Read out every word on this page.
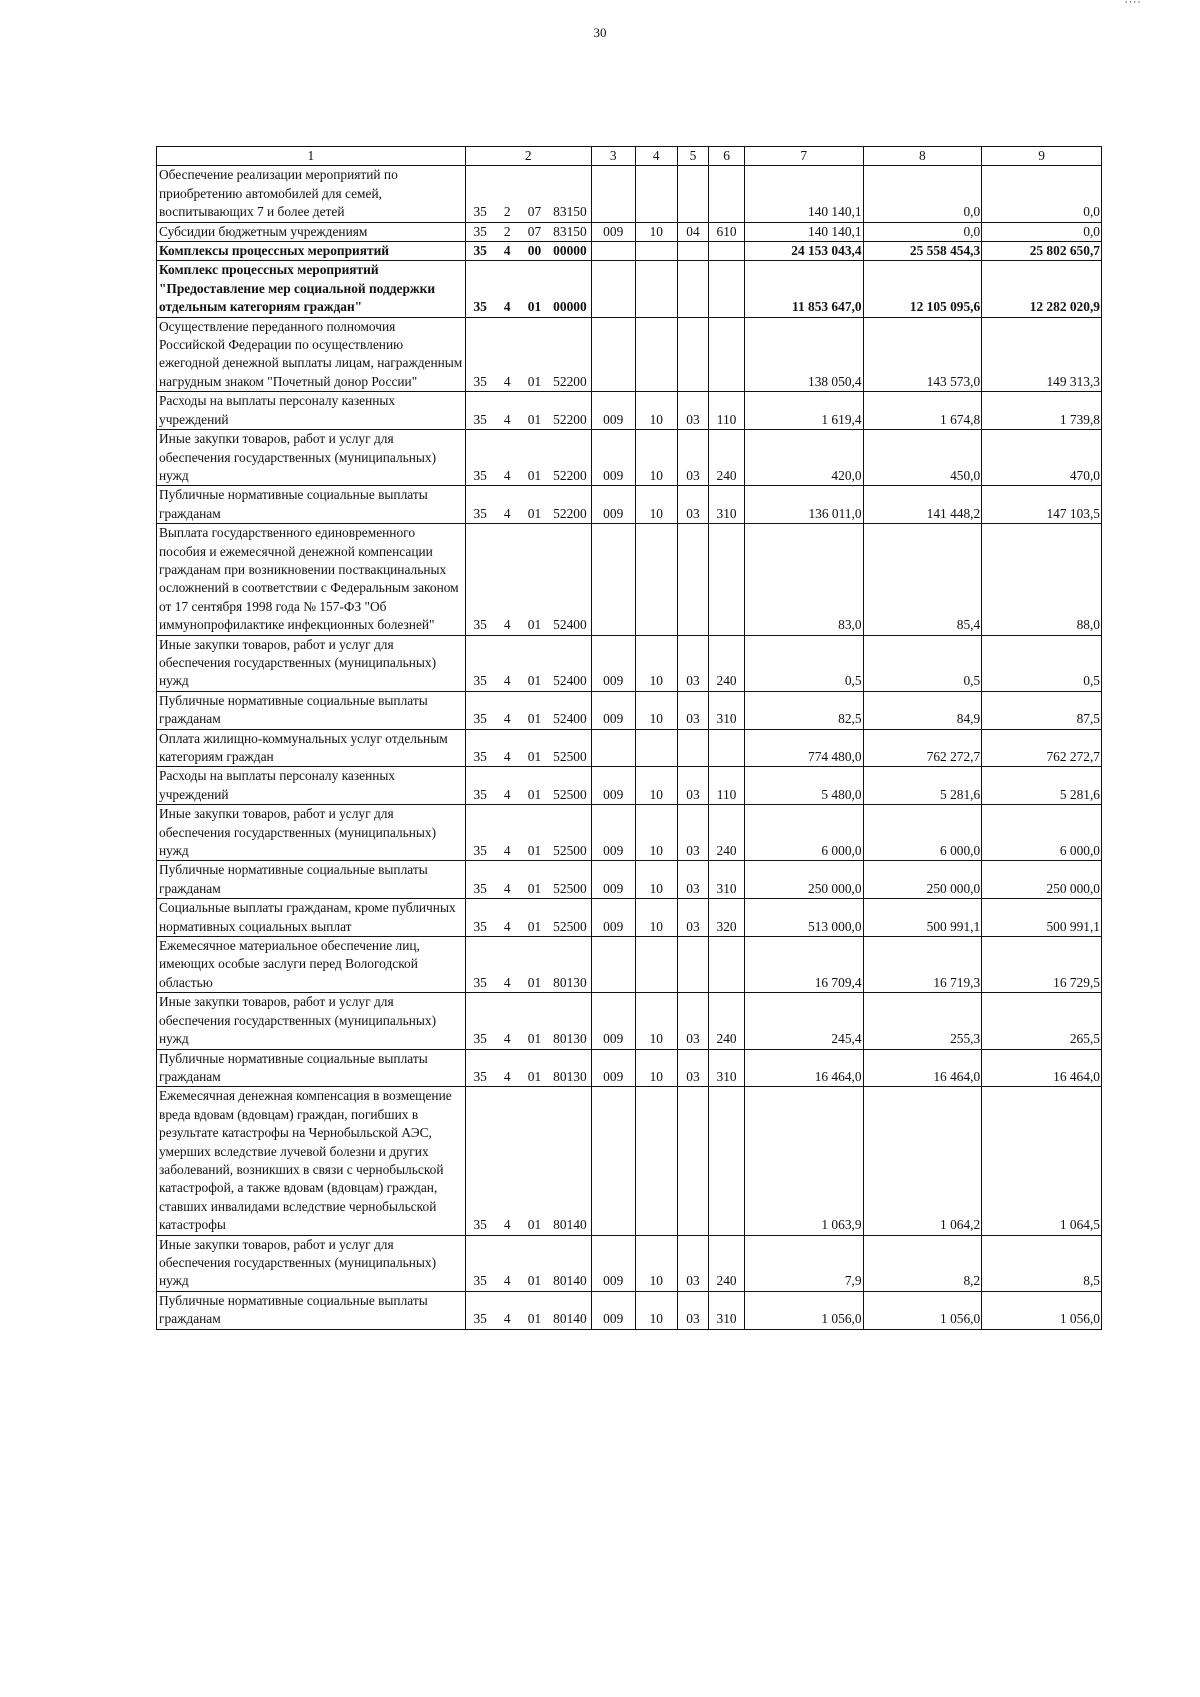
30
' ' ' '
1	2				3	4	5	6	7	8	9
Обеспечение реализации мероприятий по приобретению автомобилей для семей, воспитывающих 7 и более детей	35	2	07	83150					140 140,1	0,0	0,0
Субсидии бюджетным учреждениям	35	2	07	83150	009	10	04	610	140 140,1	0,0	0,0
Комплексы процессных мероприятий	35	4	00	00000					24 153 043,4	25 558 454,3	25 802 650,7
Комплекс процессных мероприятий "Предоставление мер социальной поддержки отдельным категориям граждан"	35	4	01	00000					11 853 647,0	12 105 095,6	12 282 020,9
Осуществление переданного полномочия Российской Федерации по осуществлению ежегодной денежной выплаты лицам, награжденным нагрудным знаком "Почетный донор России"	35	4	01	52200					138 050,4	143 573,0	149 313,3
Расходы на выплаты персоналу казенных учреждений	35	4	01	52200	009	10	03	110	1 619,4	1 674,8	1 739,8
Иные закупки товаров, работ и услуг для обеспечения государственных (муниципальных) нужд	35	4	01	52200	009	10	03	240	420,0	450,0	470,0
Публичные нормативные социальные выплаты гражданам	35	4	01	52200	009	10	03	310	136 011,0	141 448,2	147 103,5
Выплата государственного единовременного пособия и ежемесячной денежной компенсации гражданам при возникновении поствакцинальных осложнений в соответствии с Федеральным законом от 17 сентября 1998 года № 157-ФЗ "Об иммунопрофилактике инфекционных болезней"	35	4	01	52400					83,0	85,4	88,0
Иные закупки товаров, работ и услуг для обеспечения государственных (муниципальных) нужд	35	4	01	52400	009	10	03	240	0,5	0,5	0,5
Публичные нормативные социальные выплаты гражданам	35	4	01	52400	009	10	03	310	82,5	84,9	87,5
Оплата жилищно-коммунальных услуг отдельным категориям граждан	35	4	01	52500					774 480,0	762 272,7	762 272,7
Расходы на выплаты персоналу казенных учреждений	35	4	01	52500	009	10	03	110	5 480,0	5 281,6	5 281,6
Иные закупки товаров, работ и услуг для обеспечения государственных (муниципальных) нужд	35	4	01	52500	009	10	03	240	6 000,0	6 000,0	6 000,0
Публичные нормативные социальные выплаты гражданам	35	4	01	52500	009	10	03	310	250 000,0	250 000,0	250 000,0
Социальные выплаты гражданам, кроме публичных нормативных социальных выплат	35	4	01	52500	009	10	03	320	513 000,0	500 991,1	500 991,1
Ежемесячное материальное обеспечение лиц, имеющих особые заслуги перед Вологодской областью	35	4	01	80130					16 709,4	16 719,3	16 729,5
Иные закупки товаров, работ и услуг для обеспечения государственных (муниципальных) нужд	35	4	01	80130	009	10	03	240	245,4	255,3	265,5
Публичные нормативные социальные выплаты гражданам	35	4	01	80130	009	10	03	310	16 464,0	16 464,0	16 464,0
Ежемесячная денежная компенсация в возмещение вреда вдовам (вдовцам) граждан, погибших в результате катастрофы на Чернобыльской АЭС, умерших вследствие лучевой болезни и других заболеваний, возникших в связи с чернобыльской катастрофой, а также вдовам (вдовцам) граждан, ставших инвалидами вследствие чернобыльской катастрофы	35	4	01	80140					1 063,9	1 064,2	1 064,5
Иные закупки товаров, работ и услуг для обеспечения государственных (муниципальных) нужд	35	4	01	80140	009	10	03	240	7,9	8,2	8,5
Публичные нормативные социальные выплаты гражданам	35	4	01	80140	009	10	03	310	1 056,0	1 056,0	1 056,0
